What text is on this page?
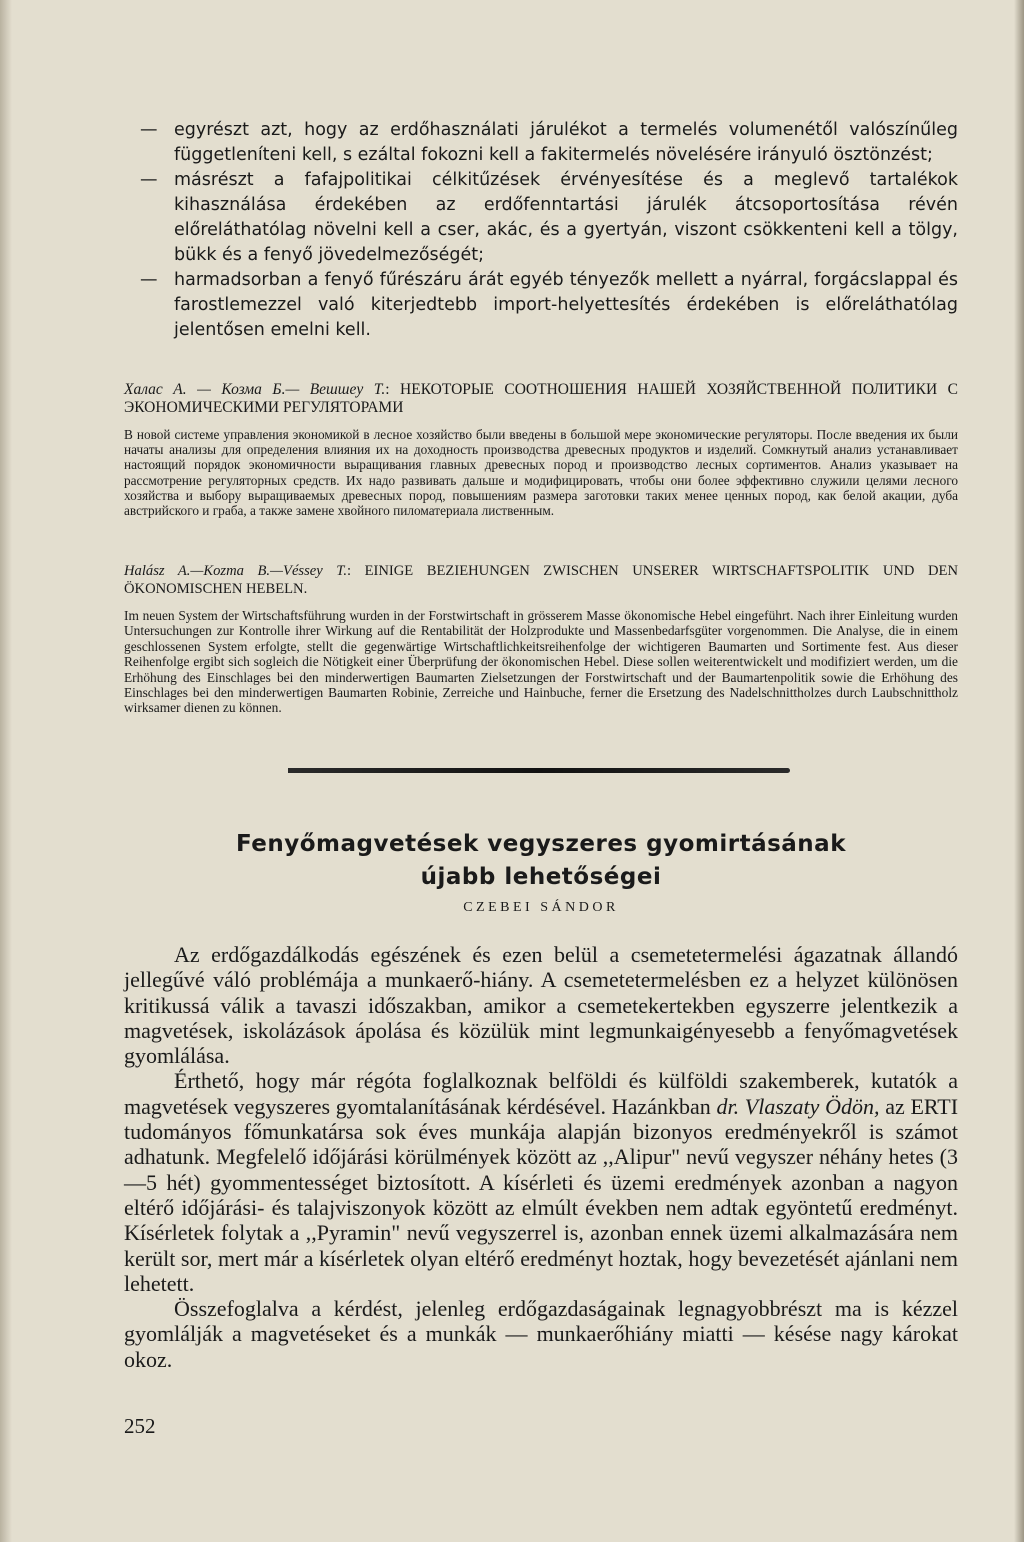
— egyrészt azt, hogy az erdőhasználati járulékot a termelés volumenétől valószínűleg függetleníteni kell, s ezáltal fokozni kell a fakitermelés növelésére irányuló ösztönzést;

— másrészt a fafajpolitikai célkitűzések érvényesítése és a meglevő tartalékok kihasználása érdekében az erdőfenntartási járulék átcsoportosítása révén előreláthatólag növelni kell a cser, akác, és a gyertyán, viszont csökkenteni kell a tölgy, bükk és a fenyő jövedelmezőségét;

— harmadsorban a fenyő fűrészáru árát egyéb tényezők mellett a nyárral, forgácslappal és farostlemezzel való kiterjedtebb import-helyettesítés érdekében is előreláthatólag jelentősen emelni kell.

Халас А. — Козма Б.— Вешшеу Т.: НЕКОТОРЫЕ СООТНОШЕНИЯ НАШЕЙ ХОЗЯЙСТВЕННОЙ ПОЛИТИКИ С ЭКОНОМИЧЕСКИМИ РЕГУЛЯТОРАМИ
В новой системе управления экономикой в лесное хозяйство были введены в большой мере экономические регуляторы. После введения их были начаты анализы для определения влияния их на доходность производства древесных продуктов и изделий. Сомкнутый анализ устанавливает настоящий порядок экономичности выращивания главных древесных пород и производство лесных сортиментов. Анализ указывает на рассмотрение регуляторных средств. Их надо развивать дальше и модифицировать, чтобы они более эффективно служили целями лесного хозяйства и выбору выращиваемых древесных пород, повышениям размера заготовки таких менее ценных пород, как белой акации, дуба австрийского и граба, а также замене хвойного пиломатериала лиственным.
Halász A.—Kozma B.—Véssey T.: EINIGE BEZIEHUNGEN ZWISCHEN UNSERER WIRTSCHAFTSPOLITIK UND DEN ÖKONOMISCHEN HEBELN.
Im neuen System der Wirtschaftsführung wurden in der Forstwirtschaft in grösserem Masse ökonomische Hebel eingeführt. Nach ihrer Einleitung wurden Untersuchungen zur Kontrolle ihrer Wirkung auf die Rentabilität der Holzprodukte und Massenbedarfsgüter vorgenommen. Die Analyse, die in einem geschlossenen System erfolgte, stellt die gegenwärtige Wirtschaftlichkeitsreihenfolge der wichtigeren Baumarten und Sortimente fest. Aus dieser Reihenfolge ergibt sich sogleich die Nötigkeit einer Überprüfung der ökonomischen Hebel. Diese sollen weiterentwickelt und modifiziert werden, um die Erhöhung des Einschlages bei den minderwertigen Baumarten Zielsetzungen der Forstwirtschaft und der Baumartenpolitik sowie die Erhöhung des Einschlages bei den minderwertigen Baumarten Robinie, Zerreiche und Hainbuche, ferner die Ersetzung des Nadelschnittholzes durch Laubschnittholz wirksamer dienen zu können.
Fenyőmagvetések vegyszeres gyomirtásának
újabb lehetőségei
CZEBEI SÁNDOR

Az erdőgazdálkodás egészének és ezen belül a csemetetermelési ágazatnak állandó jellegűvé váló problémája a munkaerő-hiány. A csemetetermelésben ez a helyzet különösen kritikussá válik a tavaszi időszakban, amikor a csemetekertekben egyszerre jelentkezik a magvetések, iskolázások ápolása és közülük mint legmunkaigényesebb a fenyőmagvetések gyomlálása.

Érthető, hogy már régóta foglalkoznak belföldi és külföldi szakemberek, kutatók a magvetések vegyszeres gyomtalanításának kérdésével. Hazánkban dr. Vlaszaty Ödön, az ERTI tudományos főmunkatársa sok éves munkája alapján bizonyos eredményekről is számot adhatunk. Megfelelő időjárási körülmények között az ,,Alipur" nevű vegyszer néhány hetes (3—5 hét) gyommentességet biztosított. A kísérleti és üzemi eredmények azonban a nagyon eltérő időjárási- és talajviszonyok között az elmúlt években nem adtak egyöntetű eredményt. Kísérletek folytak a ,,Pyramin" nevű vegyszerrel is, azonban ennek üzemi alkalmazására nem került sor, mert már a kísérletek olyan eltérő eredményt hoztak, hogy bevezetését ajánlani nem lehetett.

Összefoglalva a kérdést, jelenleg erdőgazdaságainak legnagyobbrészt ma is kézzel gyomlálják a magvetéseket és a munkák — munkaerőhiány miatti — késése nagy károkat okoz.

252
